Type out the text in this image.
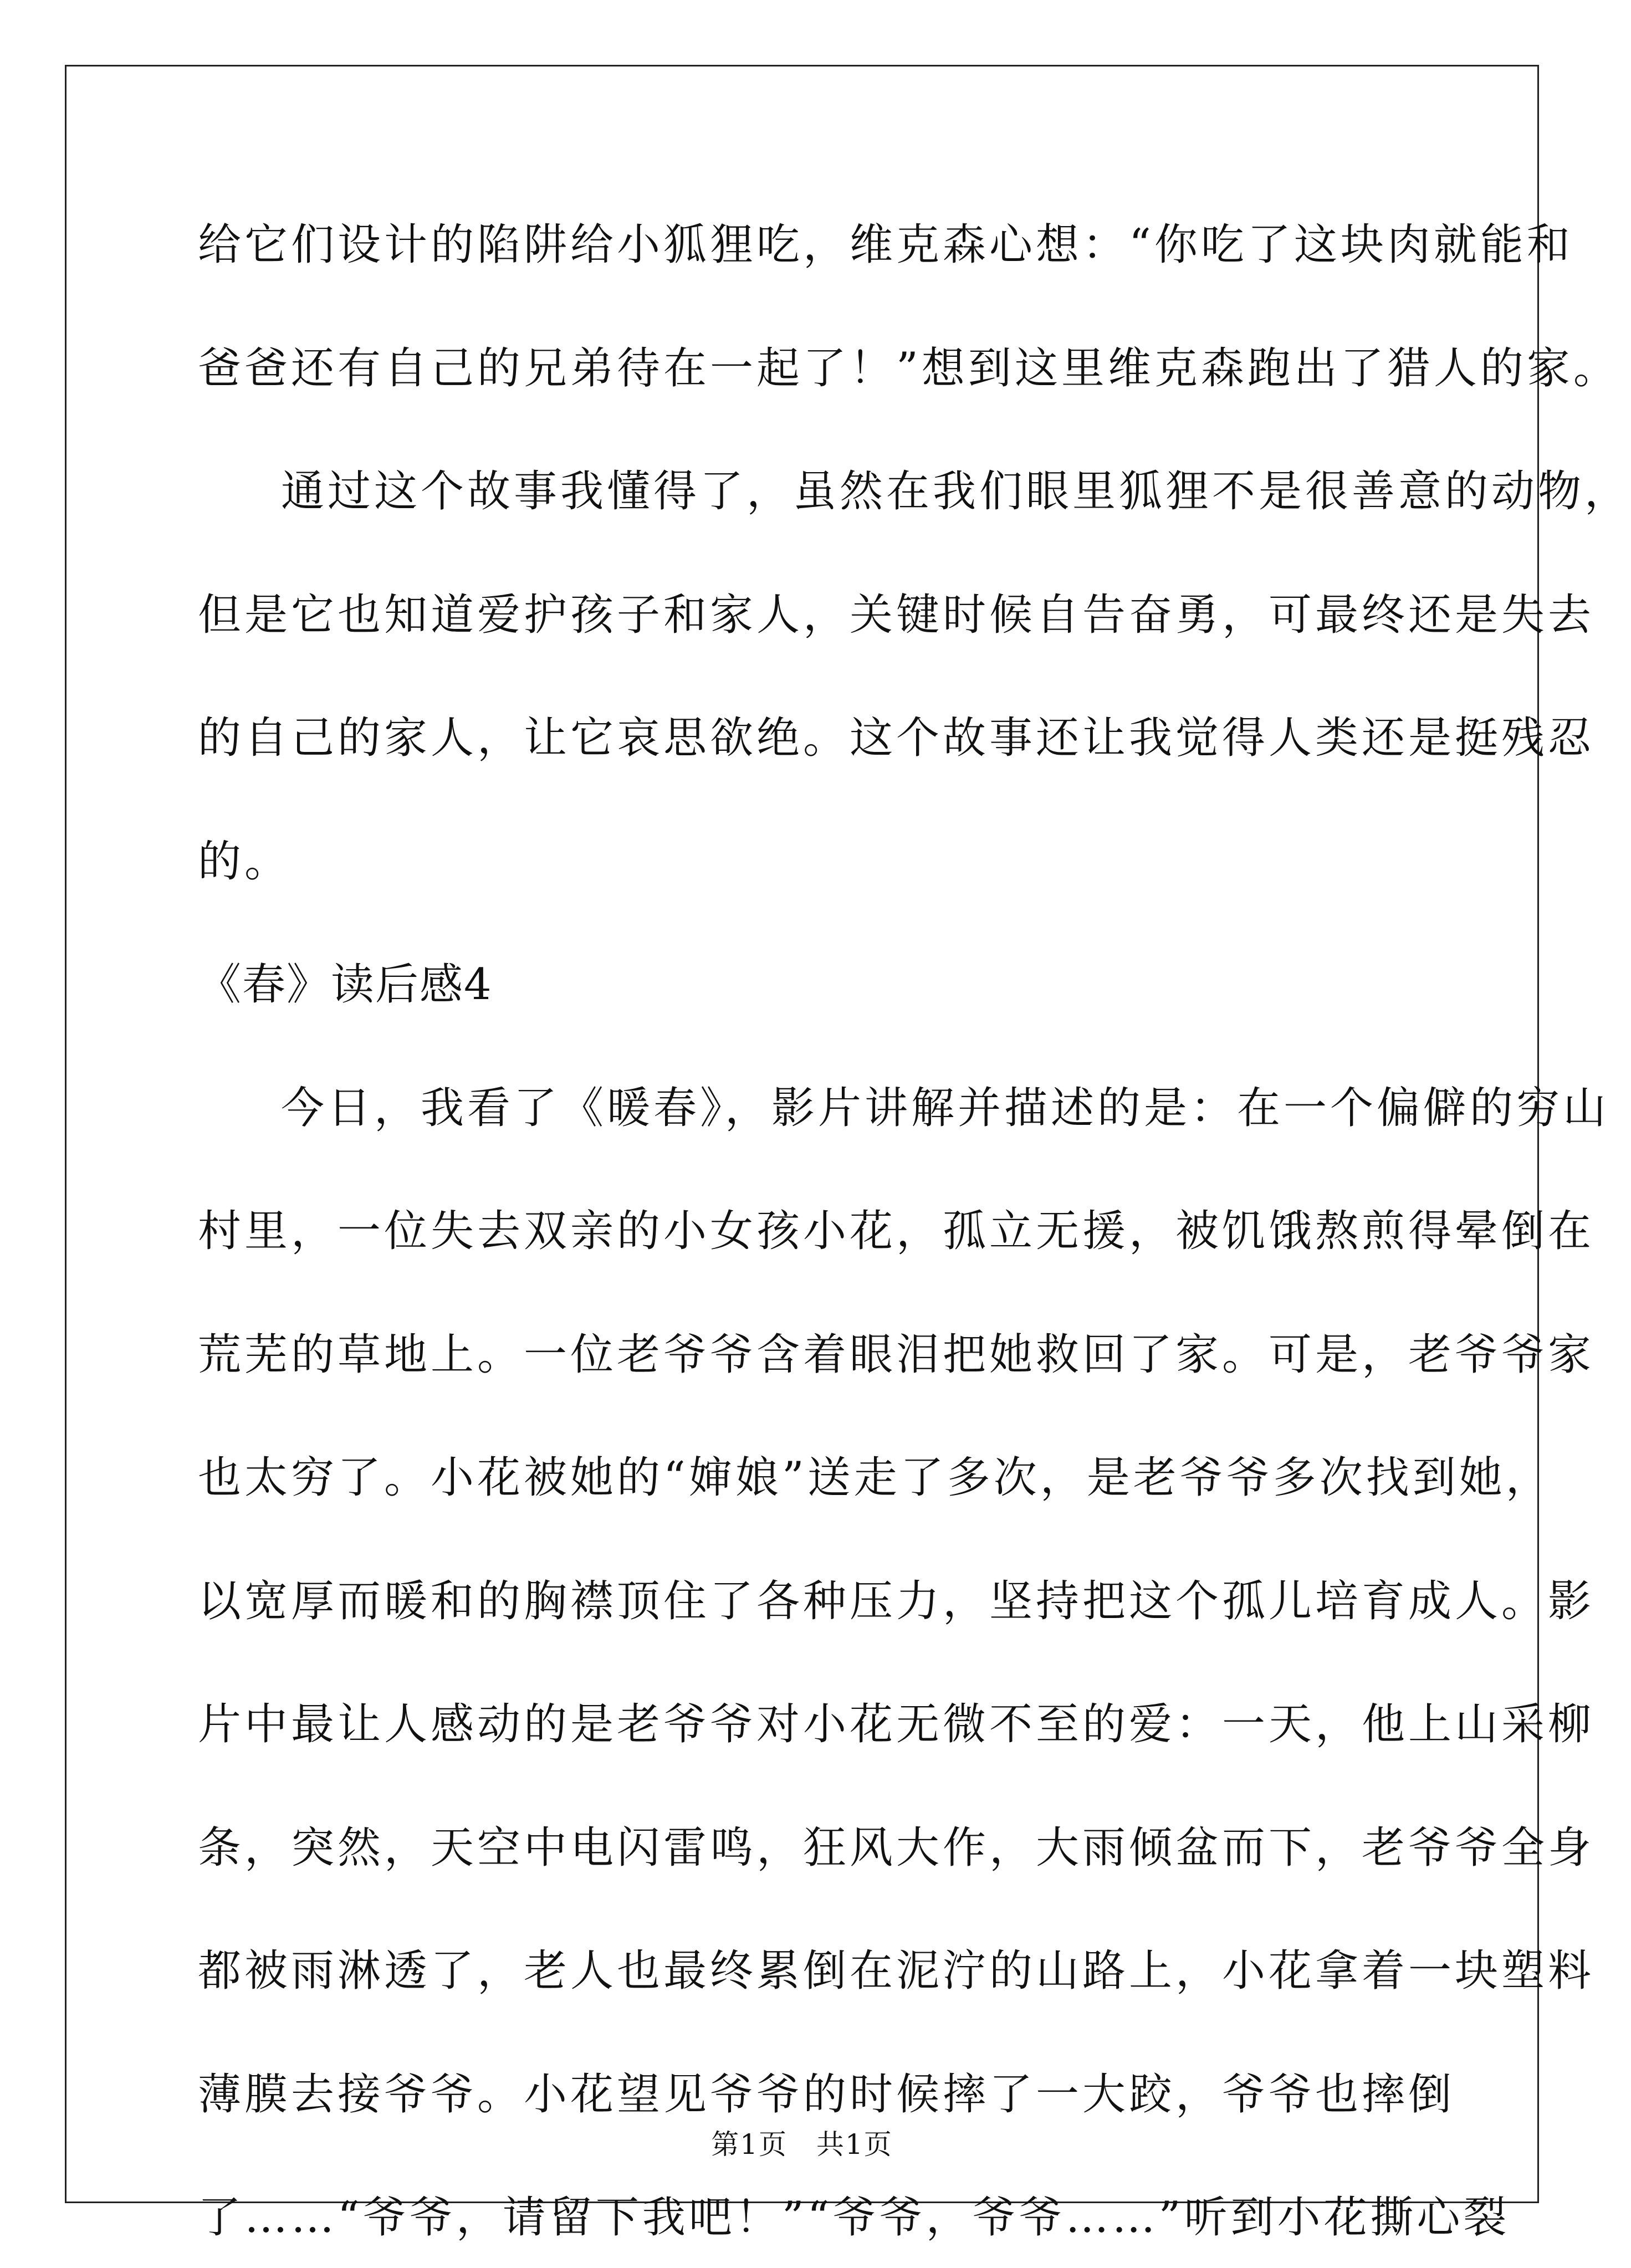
给它们设计的陷阱给小狐狸吃，维克森心想：“你吃了这块肉就能和
爸爸还有自己的兄弟待在一起了！”想到这里维克森跑出了猎人的家。
通过这个故事我懂得了，虽然在我们眼里狐狸不是很善意的动物，
但是它也知道爱护孩子和家人，关键时候自告奋勇，可最终还是失去
的自己的家人，让它哀思欲绝。这个故事还让我觉得人类还是挺残忍
的。
《春》读后感4
今日，我看了《暖春》，影片讲解并描述的是：在一个偏僻的穷山
村里，一位失去双亲的小女孩小花，孤立无援，被饥饿熬煎得晕倒在
荒芜的草地上。一位老爷爷含着眼泪把她救回了家。可是，老爷爷家
也太穷了。小花被她的“婶娘”送走了多次，是老爷爷多次找到她，
以宽厚而暖和的胸襟顶住了各种压力，坚持把这个孤儿培育成人。影
片中最让人感动的是老爷爷对小花无微不至的爱：一天，他上山采柳
条，突然，天空中电闪雷鸣，狂风大作，大雨倾盆而下，老爷爷全身
都被雨淋透了，老人也最终累倒在泥泞的山路上，小花拿着一块塑料
薄膜去接爷爷。小花望见爷爷的时候摔了一大跤，爷爷也摔倒
了……“爷爷，请留下我吧！”“爷爷，爷爷……”听到小花撕心裂
第1页　共1页
